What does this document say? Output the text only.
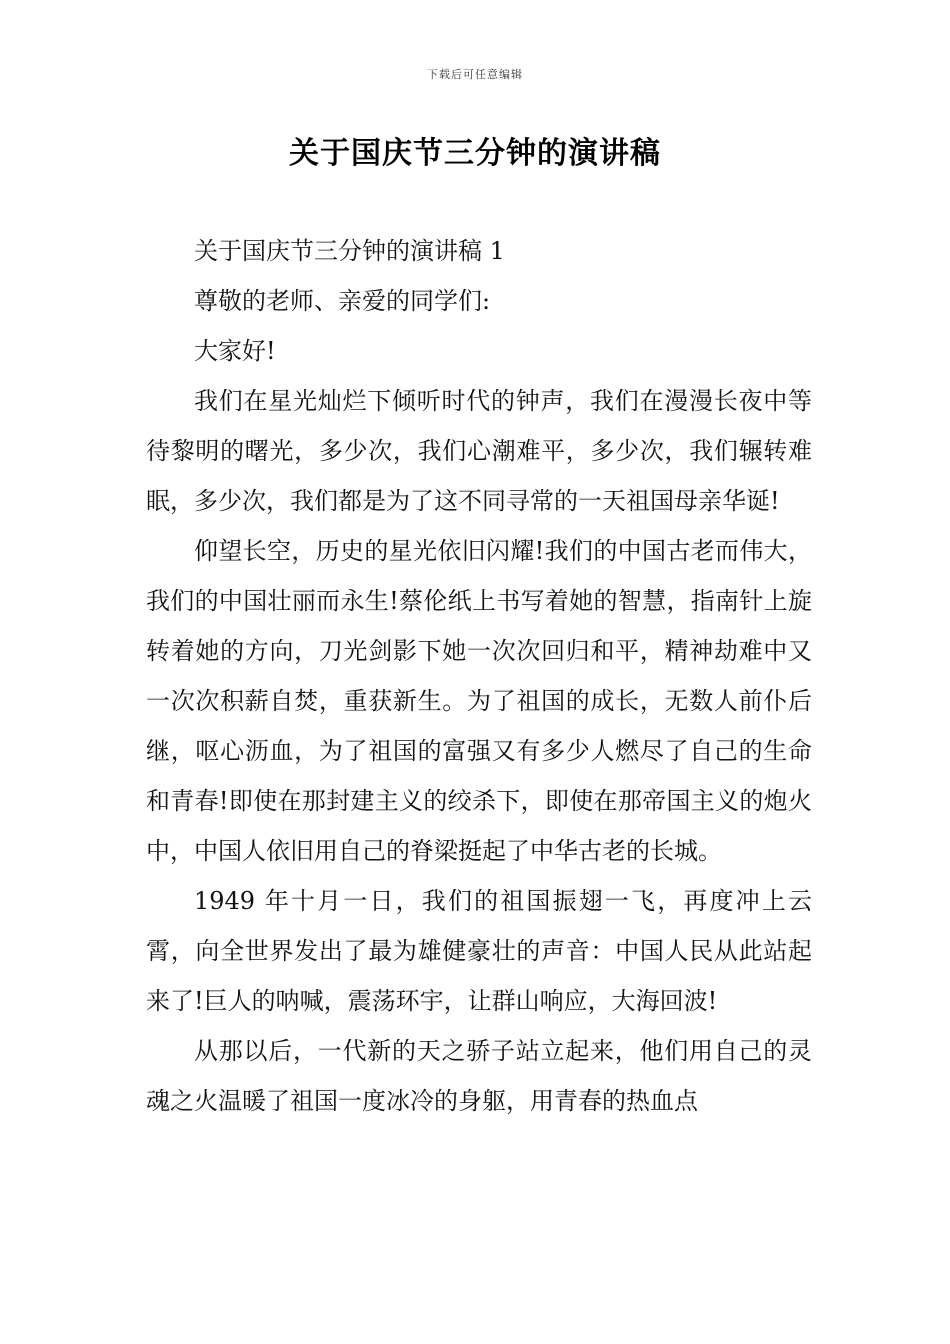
下载后可任意编辑
关于国庆节三分钟的演讲稿

关于国庆节三分钟的演讲稿 1

尊敬的老师、亲爱的同学们:

大家好!

我们在星光灿烂下倾听时代的钟声，我们在漫漫长夜中等待黎明的曙光，多少次，我们心潮难平，多少次，我们辗转难眠，多少次，我们都是为了这不同寻常的一天祖国母亲华诞!

仰望长空，历史的星光依旧闪耀!我们的中国古老而伟大，我们的中国壮丽而永生!蔡伦纸上书写着她的智慧，指南针上旋转着她的方向，刀光剑影下她一次次回归和平，精神劫难中又一次次积薪自焚，重获新生。为了祖国的成长，无数人前仆后继，呕心沥血，为了祖国的富强又有多少人燃尽了自己的生命和青春!即使在那封建主义的绞杀下，即使在那帝国主义的炮火中，中国人依旧用自己的脊梁挺起了中华古老的长城。

1949 年十月一日，我们的祖国振翅一飞，再度冲上云霄，向全世界发出了最为雄健豪壮的声音：中国人民从此站起来了!巨人的呐喊，震荡环宇，让群山响应，大海回波!

从那以后，一代新的天之骄子站立起来，他们用自己的灵魂之火温暖了祖国一度冰冷的身躯，用青春的热血点
